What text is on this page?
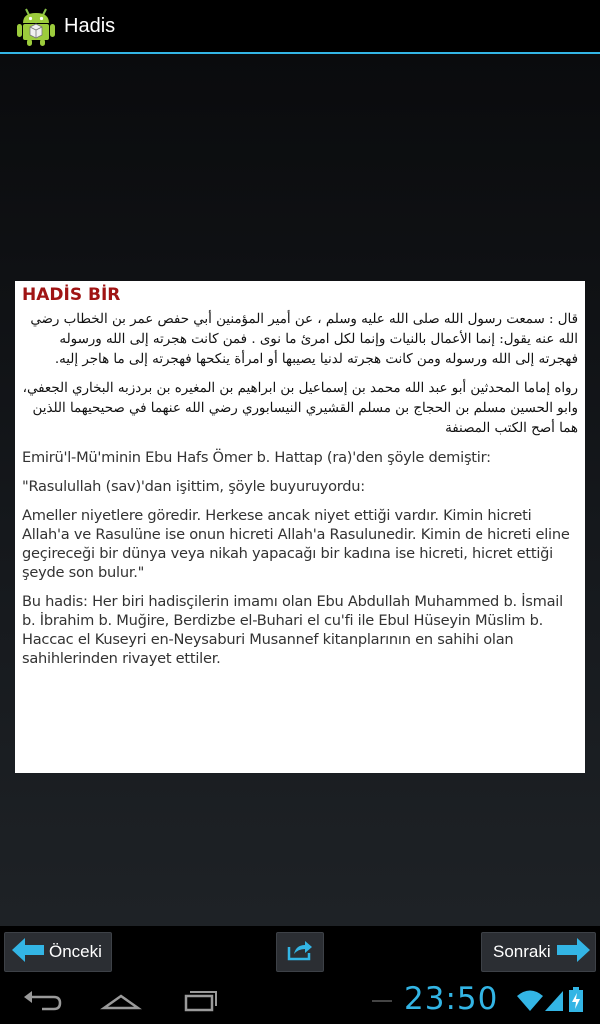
Hadis
HADİS BİR

قال : سمعت رسول الله صلى الله عليه وسلم ، عن أمير المؤمنين أبي حفص عمر بن الخطاب رضي الله عنه يقول: إنما الأعمال بالنيات وإنما لكل امرئ ما نوى . فمن كانت هجرته إلى الله ورسوله فهجرته إلى الله ورسوله ومن كانت هجرته لدنيا يصيبها أو امرأة ينكحها فهجرته إلى ما هاجر إليه.

رواه إماما المحدثين أبو عبد الله محمد بن إسماعيل بن ابراهيم بن المغيره بن بردزبه البخاري الجعفي، وابو الحسين مسلم بن الحجاج بن مسلم القشيري النيسابوري رضي الله عنهما في صحيحيهما اللذين هما أصح الكتب المصنفة

Emirü'l-Mü'minin Ebu Hafs Ömer b. Hattap (ra)'den şöyle demiştir:

"Rasulullah (sav)'dan işittim, şöyle buyuruyordu:

Ameller niyetlere göredir. Herkese ancak niyet ettiği vardır. Kimin hicreti Allah'a ve Rasulüne ise onun hicreti Allah'a Rasulunedir. Kimin de hicreti eline geçireceği bir dünya veya nikah yapacağı bir kadına ise hicreti, hicret ettiği şeyde son bulur."

Bu hadis: Her biri hadisçilerin imamı olan Ebu Abdullah Muhammed b. İsmail b. İbrahim b. Muğire, Berdizbe el-Buhari el cu'fi ile Ebul Hüseyin Müslim b. Haccac el Kuseyri en-Neysaburi Musannef kitanplarının en sahihi olan sahihlerinden rivayet ettiler.

Önceki	Sonraki
23:50
